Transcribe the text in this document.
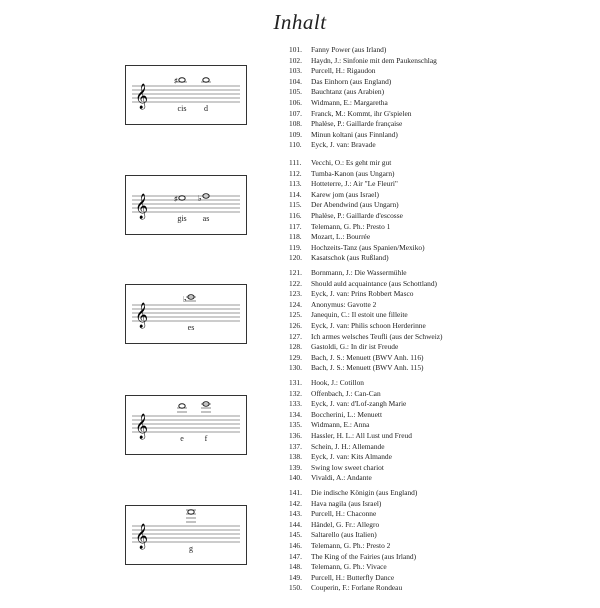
Inhalt
𝄞
♯
cis	d
101.	Fanny Power (aus Irland)
102.	Haydn, J.: Sinfonie mit dem Paukenschlag
103.	Purcell, H.: Rigaudon
104.	Das Einhorn (aus England)
105.	Bauchtanz (aus Arabien)
106.	Widmann, E.: Margaretha
107.	Franck, M.: Kommt, ihr G'spielen
108.	Phalèse, P.: Gaillarde française
109.	Minun koltani (aus Finnland)
110.	Eyck, J. van: Bravade
𝄞	♯	♭
gis	as
111.	Vecchi, O.: Es geht mir gut
112.	Tumba-Kanon (aus Ungarn)
113.	Hotteterre, J.: Air "Le Fleuri"
114.	Karew jom (aus Israel)
115.	Der Abendwind (aus Ungarn)
116.	Phalèse, P.: Gaillarde d'escosse
117.	Telemann, G. Ph.: Presto 1
118.	Mozart, L.: Bourrée
119.	Hochzeits-Tanz (aus Spanien/Mexiko)
120.	Kasatschok (aus Rußland)
𝄞
♭
es
121.	Bornmann, J.: Die Wassermühle
122.	Should auld acquaintance (aus Schottland)
123.	Eyck, J. van: Prins Robbert Masco
124.	Anonymus: Gavotte 2
125.	Janequin, C.: Il estoit une filleite
126.	Eyck, J. van: Philis schoon Herderinne
127.	Ich armes welsches Teufli (aus der Schweiz)
128.	Gastoldi, G.: In dir ist Freude
129.	Bach, J. S.: Menuett (BWV Anh. 116)
130.	Bach, J. S.: Menuett (BWV Anh. 115)
𝄞
e	f
131.	Hook, J.: Cotillon
132.	Offenbach, J.: Can-Can
133.	Eyck, J. van: d'Lof-zangh Marie
134.	Boccherini, L.: Menuett
135.	Widmann, E.: Anna
136.	Hassler, H. L.: All Lust und Freud
137.	Schein, J. H.: Allemande
138.	Eyck, J. van: Kits Almande
139.	Swing low sweet chariot
140.	Vivaldi, A.: Andante
𝄞
g
141.	Die indische Königin (aus England)
142.	Hava nagila (aus Israel)
143.	Purcell, H.: Chaconne
144.	Händel, G. Fr.: Allegro
145.	Saltarello (aus Italien)
146.	Telemann, G. Ph.: Presto 2
147.	The King of the Fairies (aus Irland)
148.	Telemann, G. Ph.: Vivace
149.	Purcell, H.: Butterfly Dance
150.	Couperin, F.: Forlane Rondeau
